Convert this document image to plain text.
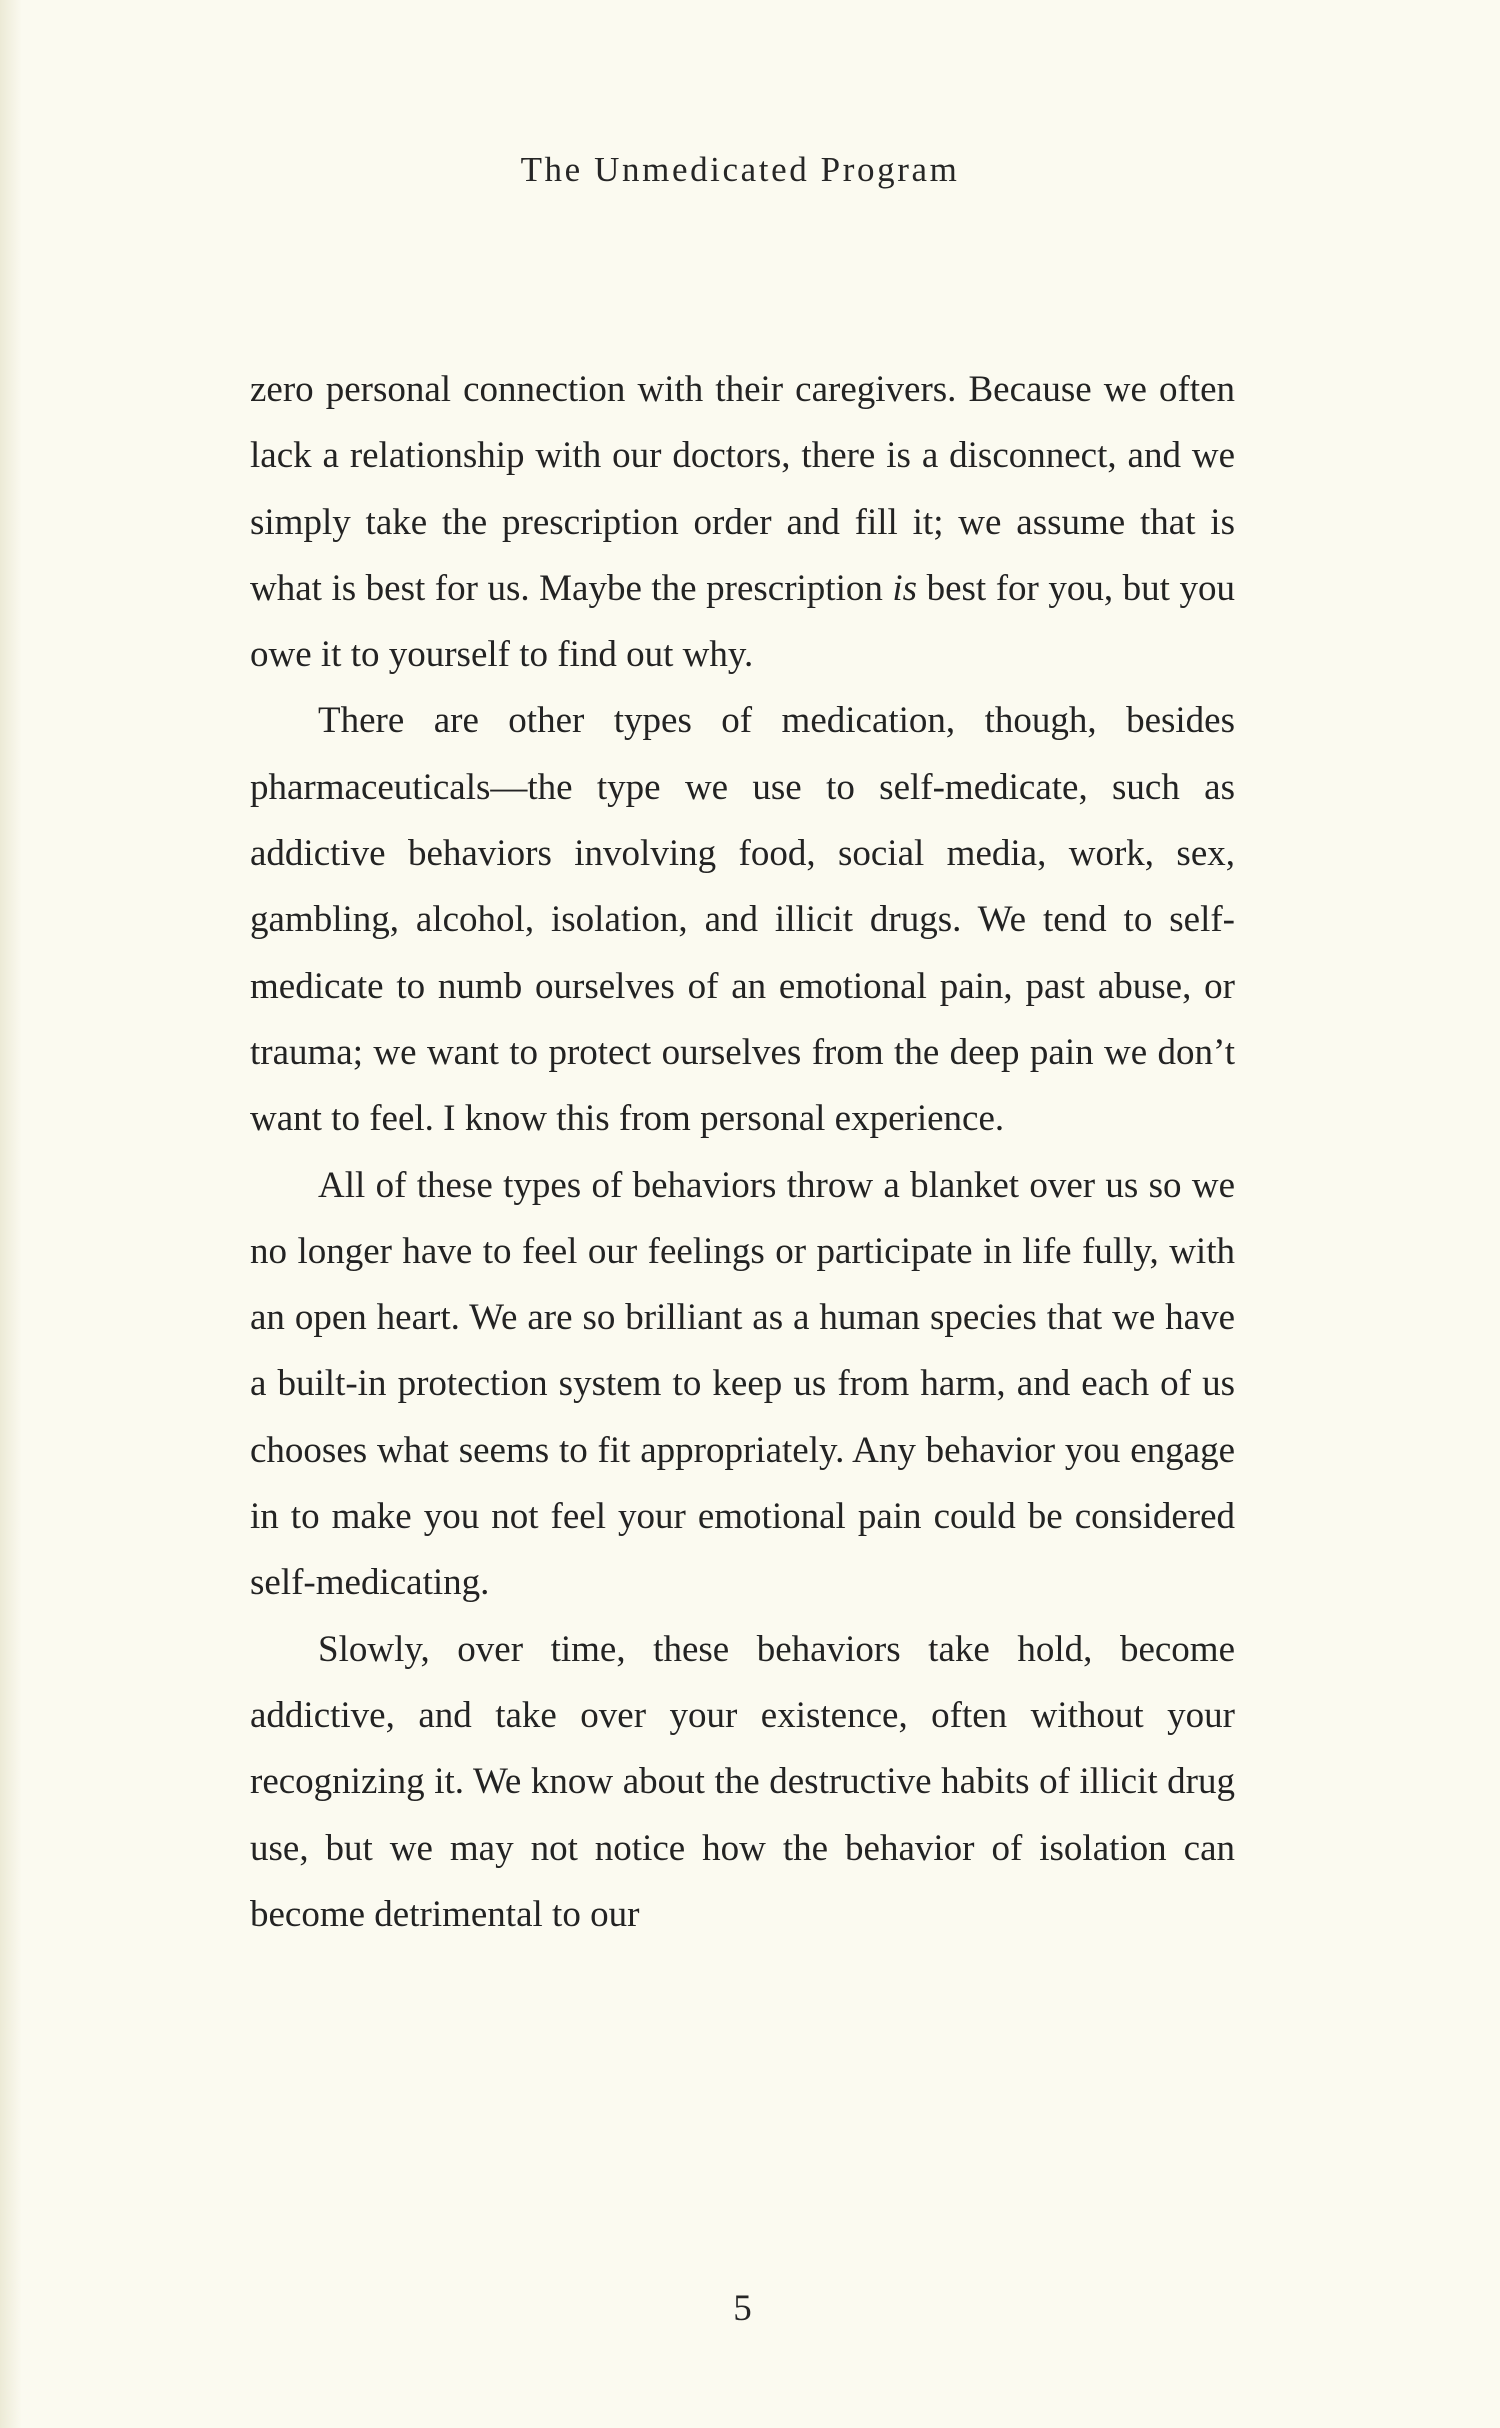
The Unmedicated Program

zero personal connection with their caregivers. Because we often lack a relationship with our doctors, there is a disconnect, and we simply take the prescription order and fill it; we assume that is what is best for us. Maybe the prescription is best for you, but you owe it to yourself to find out why.

There are other types of medication, though, besides pharmaceuticals—the type we use to self-medicate, such as addictive behaviors involving food, social media, work, sex, gambling, alcohol, isolation, and illicit drugs. We tend to self-medicate to numb ourselves of an emotional pain, past abuse, or trauma; we want to protect ourselves from the deep pain we don’t want to feel. I know this from personal experience.

All of these types of behaviors throw a blanket over us so we no longer have to feel our feelings or participate in life fully, with an open heart. We are so brilliant as a human species that we have a built-in protection system to keep us from harm, and each of us chooses what seems to fit appropriately. Any behavior you engage in to make you not feel your emotional pain could be considered self-medicating.

Slowly, over time, these behaviors take hold, become addictive, and take over your existence, often without your recognizing it. We know about the destructive habits of illicit drug use, but we may not notice how the behavior of isolation can become detrimental to our

5
